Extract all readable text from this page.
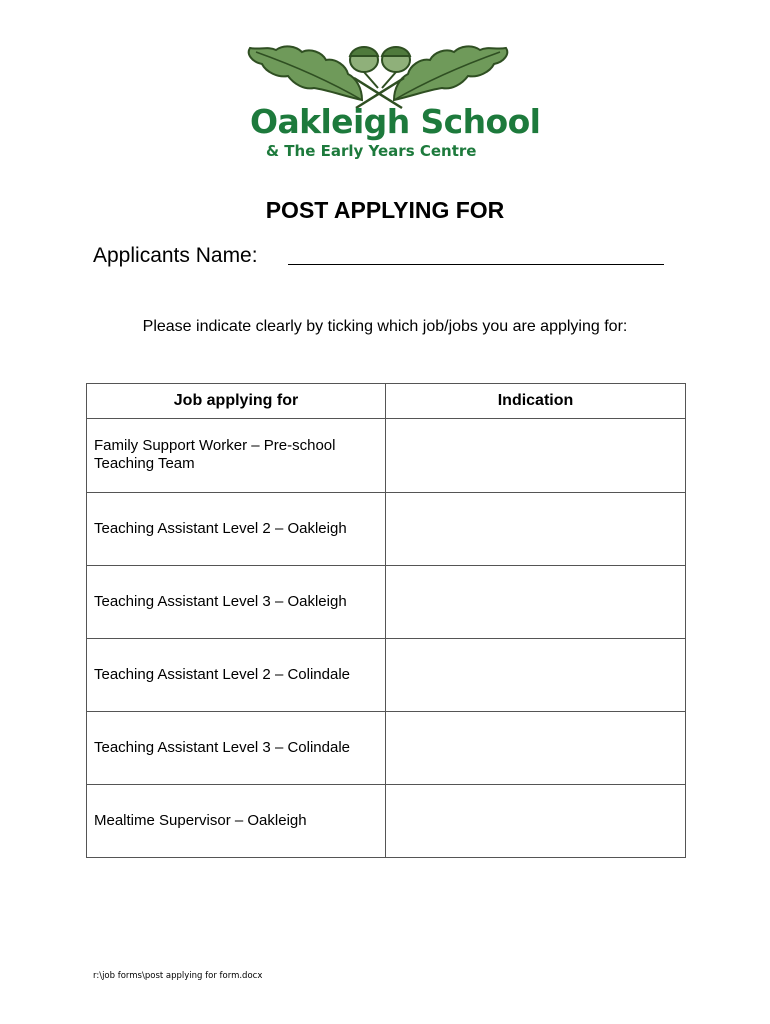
Oakleigh School
& The Early Years Centre
POST APPLYING FOR
Applicants Name:
Please indicate clearly by ticking which job/jobs you are applying for:
Job applying for	Indication
Family Support Worker – Pre-school Teaching Team	
Teaching Assistant Level 2 – Oakleigh	
Teaching Assistant Level 3 – Oakleigh	
Teaching Assistant Level 2 – Colindale	
Teaching Assistant Level 3 – Colindale	
Mealtime Supervisor – Oakleigh	
r:\job forms\post applying for form.docx
